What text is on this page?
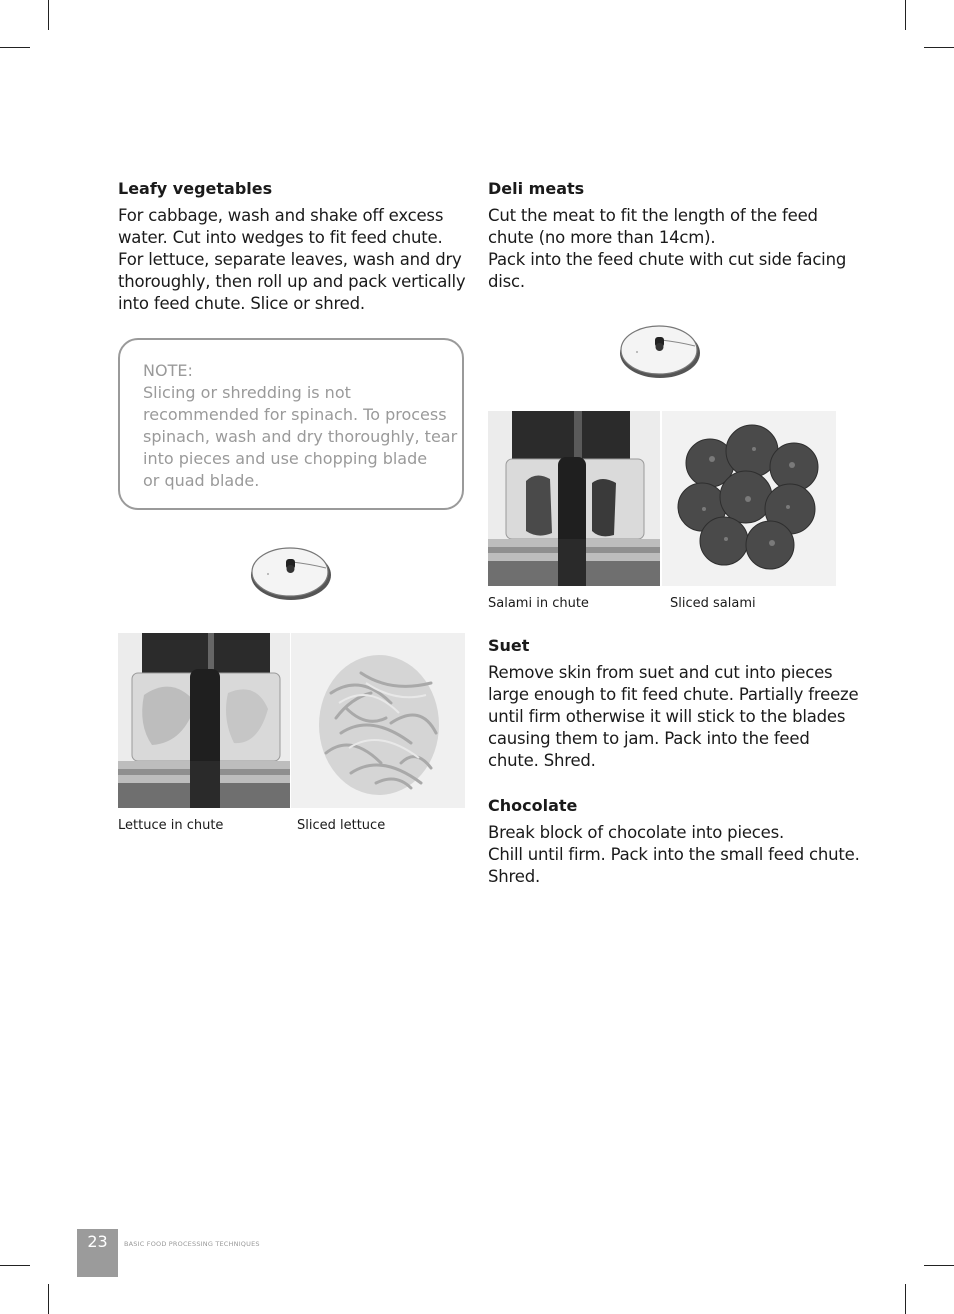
Leafy vegetables
For cabbage, wash and shake off excess
water. Cut into wedges to fit feed chute.
For lettuce, separate leaves, wash and dry
thoroughly, then roll up and pack vertically
into feed chute. Slice or shred.
NOTE:
Slicing or shredding is not
recommended for spinach. To process
spinach, wash and dry thoroughly, tear
into pieces and use chopping blade
or quad blade.
Lettuce in chute	Sliced lettuce
Deli meats
Cut the meat to fit the length of the feed
chute (no more than 14cm).
Pack into the feed chute with cut side facing
disc.
Salami in chute	Sliced salami
Suet
Remove skin from suet and cut into pieces
large enough to fit feed chute. Partially freeze
until firm otherwise it will stick to the blades
causing them to jam. Pack into the feed
chute. Shred.
Chocolate
Break block of chocolate into pieces.
Chill until firm. Pack into the small feed chute.
Shred.
23	BASIC FOOD PROCESSING TECHNIQUES
